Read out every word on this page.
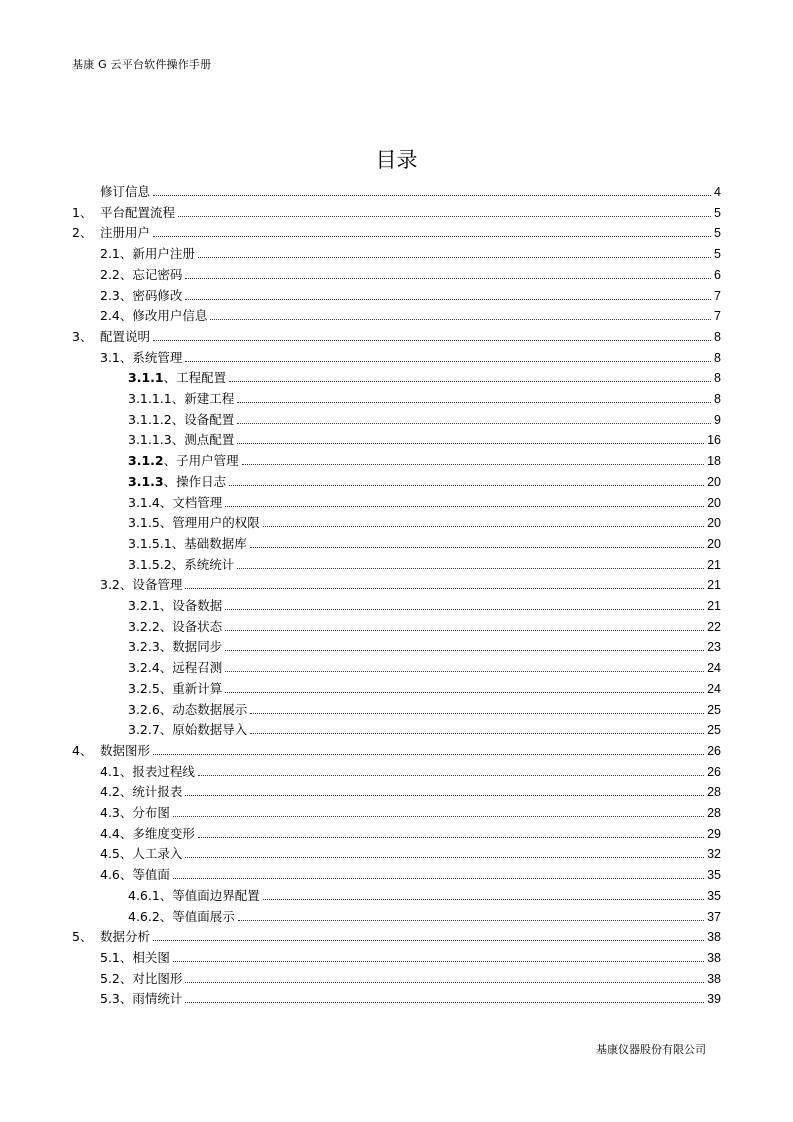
基康 G 云平台软件操作手册
目录
修订信息	4
1、 平台配置流程	5
2、 注册用户	5
2.1、新用户注册	5
2.2、忘记密码	6
2.3、密码修改	7
2.4、修改用户信息	7
3、 配置说明	8
3.1、系统管理	8
3.1.1、工程配置	8
3.1.1.1、新建工程	8
3.1.1.2、设备配置	9
3.1.1.3、测点配置	16
3.1.2、子用户管理	18
3.1.3、操作日志	20
3.1.4、文档管理	20
3.1.5、管理用户的权限	20
3.1.5.1、基础数据库	20
3.1.5.2、系统统计	21
3.2、设备管理	21
3.2.1、设备数据	21
3.2.2、设备状态	22
3.2.3、数据同步	23
3.2.4、远程召测	24
3.2.5、重新计算	24
3.2.6、动态数据展示	25
3.2.7、原始数据导入	25
4、 数据图形	26
4.1、报表过程线	26
4.2、统计报表	28
4.3、分布图	28
4.4、多维度变形	29
4.5、人工录入	32
4.6、等值面	35
4.6.1、等值面边界配置	35
4.6.2、等值面展示	37
5、 数据分析	38
5.1、相关图	38
5.2、对比图形	38
5.3、雨情统计	39
基康仪器股份有限公司
